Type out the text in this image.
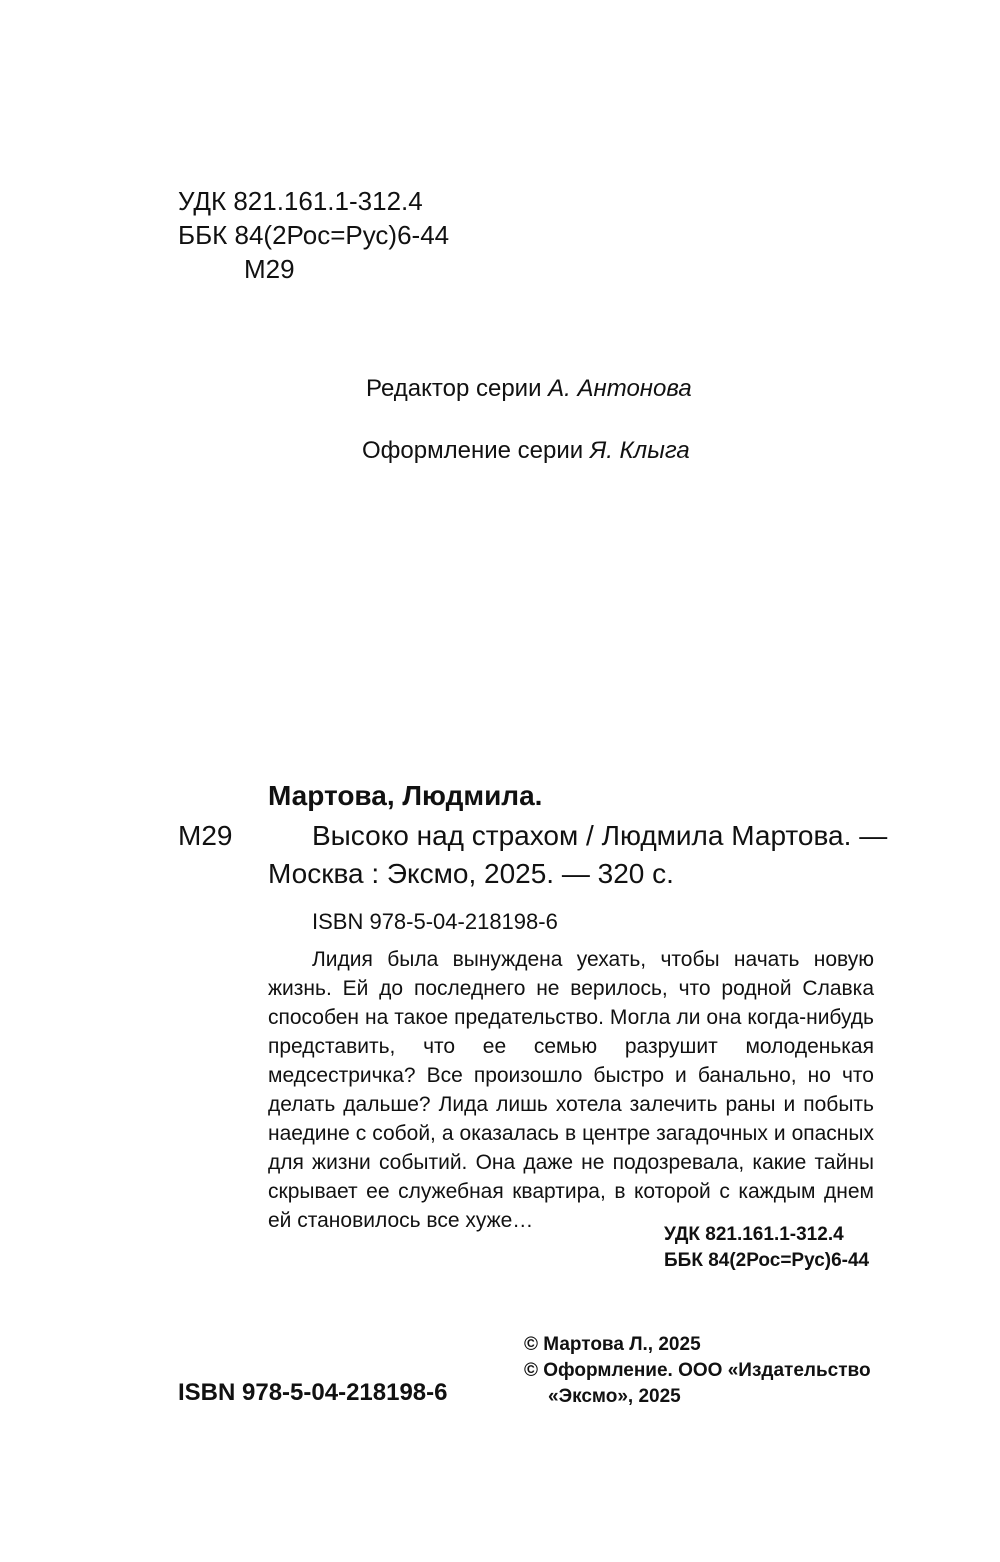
УДК 821.161.1-312.4
ББК 84(2Рос=Рус)6-44
М29
Редактор серии А. Антонова
Оформление серии Я. Клыга
Мартова, Людмила.
М29	Высоко над страхом / Людмила Мартова. —
Москва : Эксмо, 2025. — 320 с.
ISBN 978-5-04-218198-6
Лидия была вынуждена уехать, чтобы начать новую жизнь. Ей до последнего не верилось, что родной Славка способен на такое предательство. Могла ли она когда-нибудь представить, что ее семью разрушит молоденькая медсестричка? Все произошло быстро и банально, но что делать дальше? Лида лишь хотела залечить раны и побыть наедине с собой, а оказалась в центре загадочных и опасных для жизни событий. Она даже не подозревала, какие тайны скрывает ее служебная квартира, в которой с каждым днем ей становилось все хуже…
УДК 821.161.1-312.4
ББК 84(2Рос=Рус)6-44
© Мартова Л., 2025
© Оформление. ООО «Издательство
«Эксмо», 2025
ISBN 978-5-04-218198-6
